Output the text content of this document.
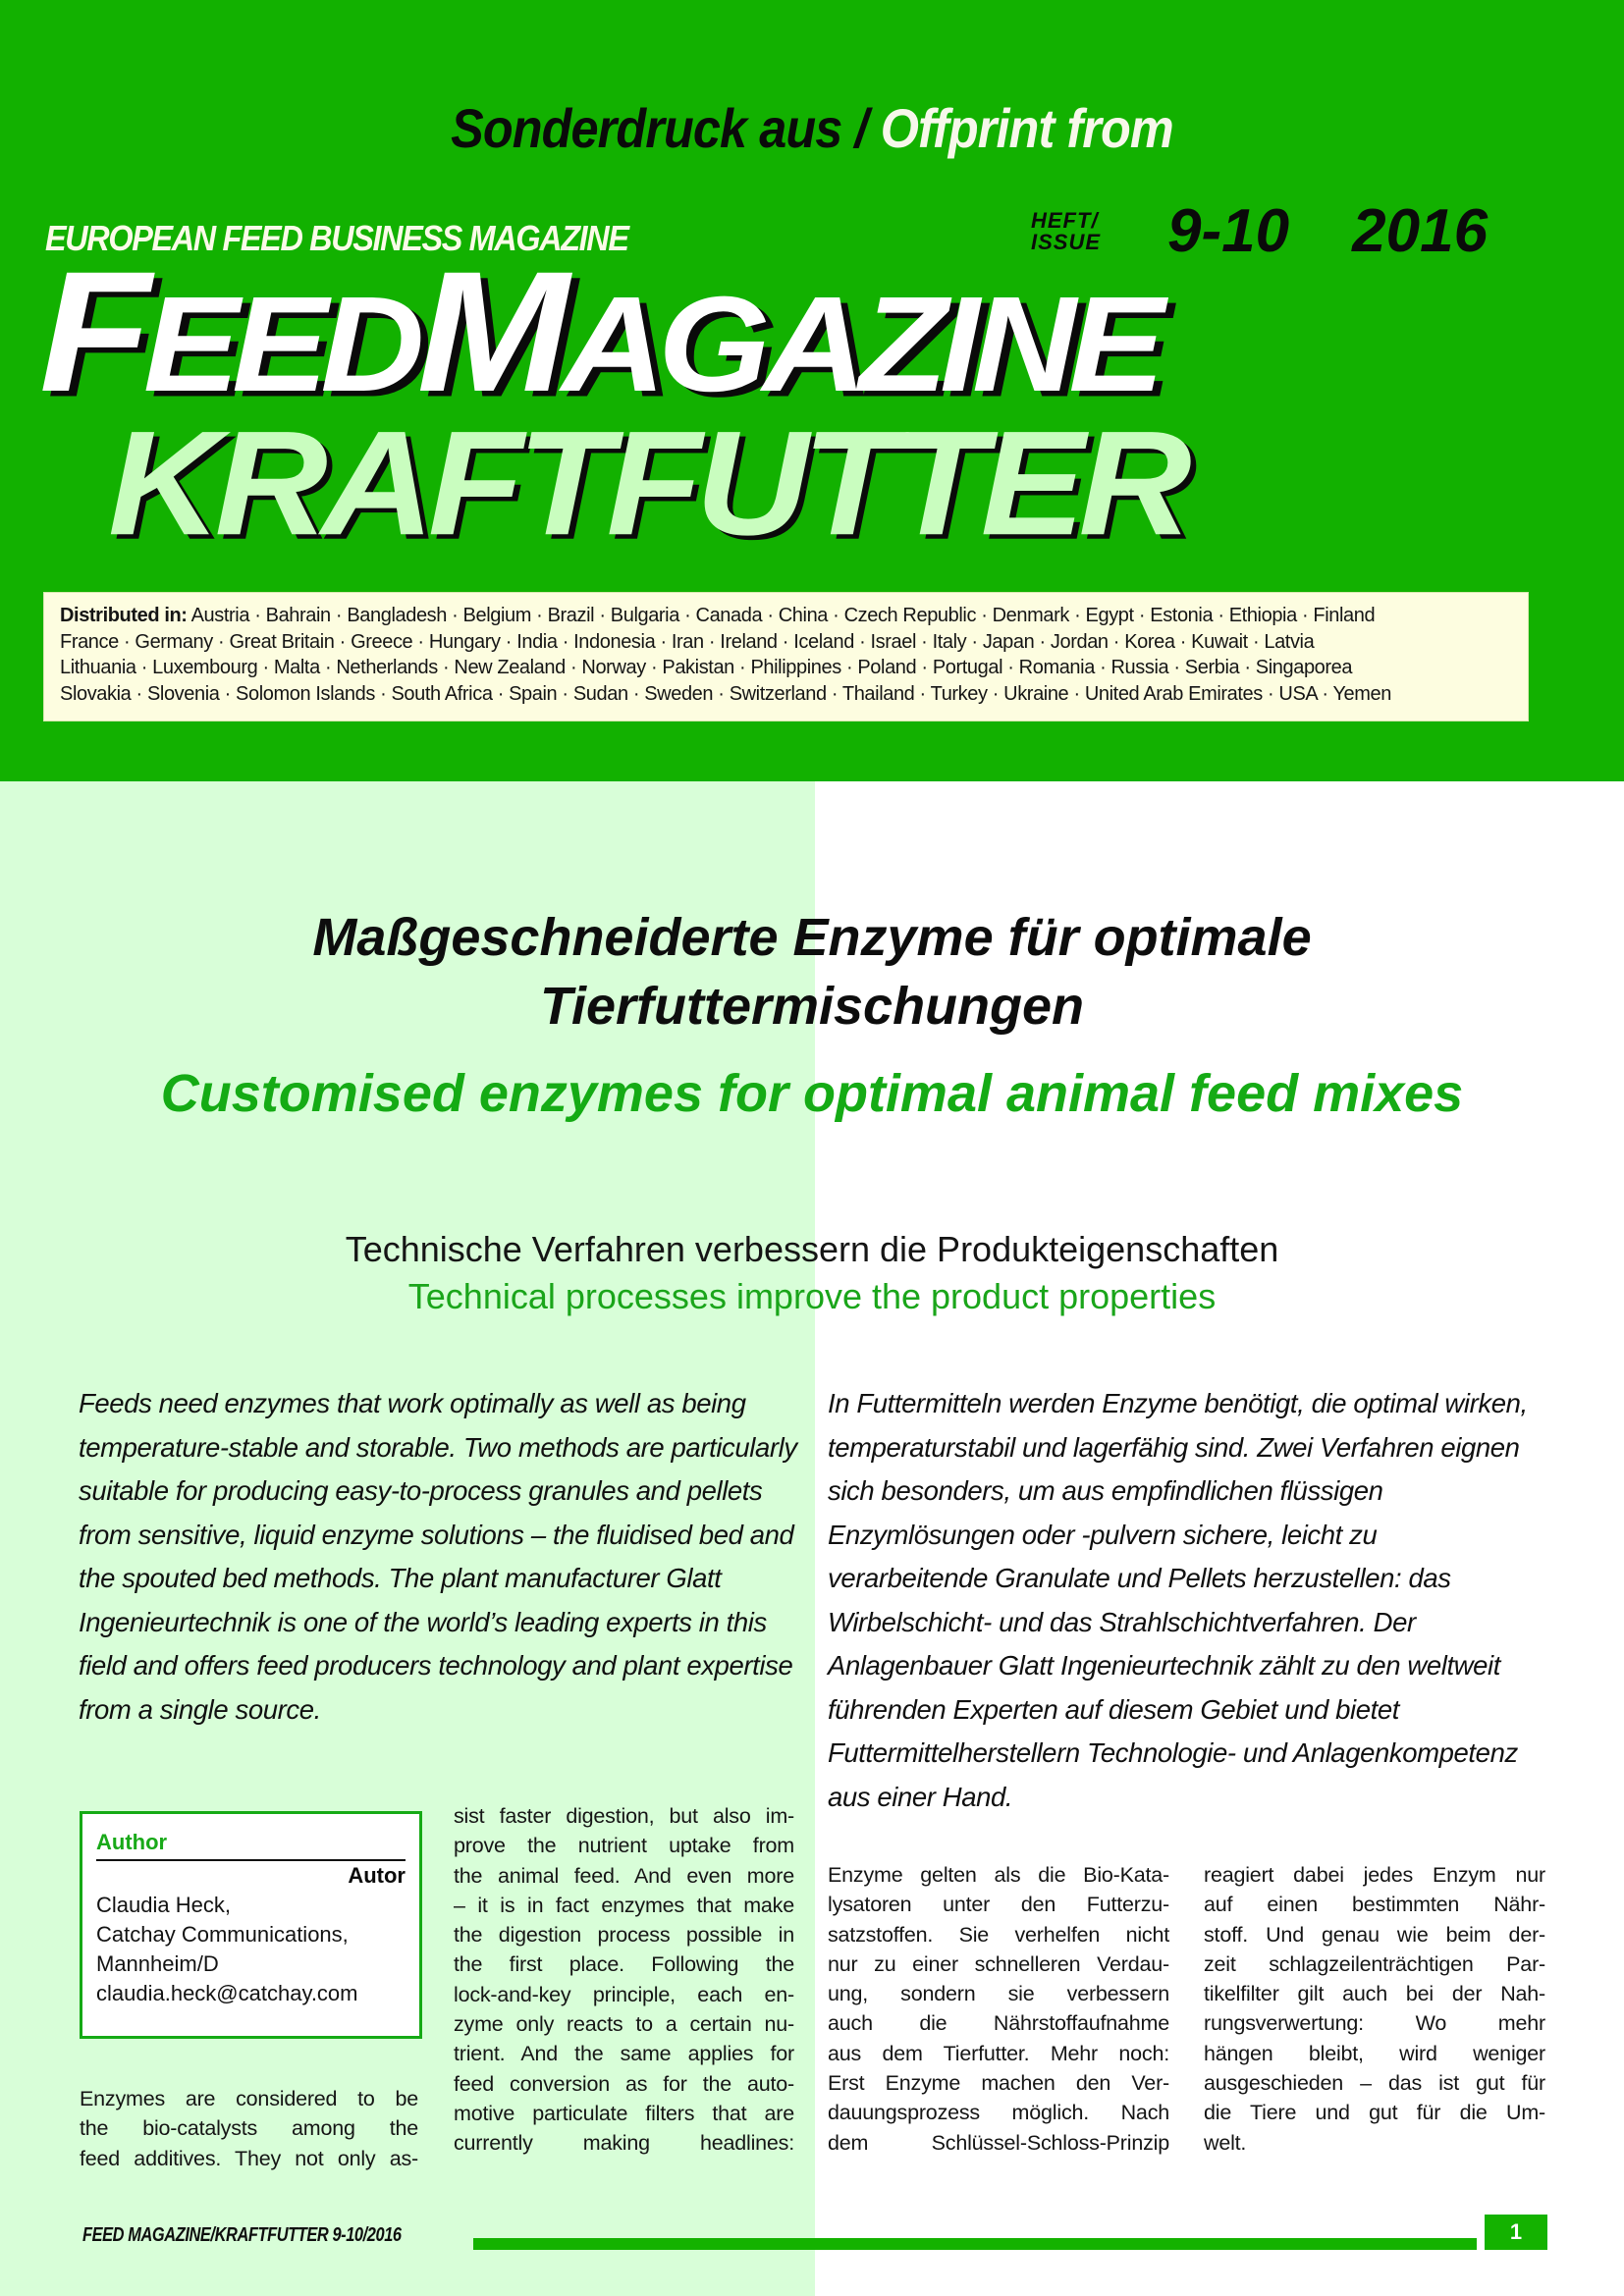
Sonderdruck aus / Offprint from
EUROPEAN FEED BUSINESS MAGAZINE	HEFT/
ISSUE 9-10 2016
FEEDMAGAZINE
KRAFTFUTTER
Distributed in: Austria · Bahrain · Bangladesh · Belgium · Brazil · Bulgaria · Canada · China · Czech Republic · Denmark · Egypt · Estonia · Ethiopia · Finland
France · Germany · Great Britain · Greece · Hungary · India · Indonesia · Iran · Ireland · Iceland · Israel · Italy · Japan · Jordan · Korea · Kuwait · Latvia
Lithuania · Luxembourg · Malta · Netherlands · New Zealand · Norway · Pakistan · Philippines · Poland · Portugal · Romania · Russia · Serbia · Singaporea
Slovakia · Slovenia · Solomon Islands · South Africa · Spain · Sudan · Sweden · Switzerland · Thailand · Turkey · Ukraine · United Arab Emirates · USA · Yemen
Maßgeschneiderte Enzyme für optimale
Tierfuttermischungen
Customised enzymes for optimal animal feed mixes
Technische Verfahren verbessern die Produkteigenschaften
Technical processes improve the product properties
Feeds need enzymes that work optimally as well as being temperature-stable and storable. Two methods are particularly suitable for producing easy-to-process granules and pellets from sensitive, liquid enzyme solutions – the fluidised bed and the spouted bed methods. The plant manufacturer Glatt Ingenieurtechnik is one of the world’s leading experts in this field and offers feed producers technology and plant expertise from a single source.
In Futtermitteln werden Enzyme benötigt, die optimal wirken, temperaturstabil und lagerfähig sind. Zwei Verfahren eignen sich besonders, um aus empfindlichen flüssigen Enzymlösungen oder -pulvern sichere, leicht zu verarbeitende Granulate und Pellets herzustellen: das Wirbelschicht- und das Strahlschichtverfahren. Der Anlagenbauer Glatt Ingenieurtechnik zählt zu den weltweit führenden Experten auf diesem Gebiet und bietet Futtermittelherstellern Technologie- und Anlagenkompetenz aus einer Hand.
Author
Autor
Claudia Heck,
Catchay Communications,
Mannheim/D
claudia.heck@catchay.com
Enzymes are considered to be
the bio-catalysts among the
feed additives. They not only as-
sist faster digestion, but also im-
prove the nutrient uptake from
the animal feed. And even more
– it is in fact enzymes that make
the digestion process possible in
the first place. Following the
lock-and-key principle, each en-
zyme only reacts to a certain nu-
trient. And the same applies for
feed conversion as for the auto-
motive particulate filters that are
currently making headlines:
Enzyme gelten als die Bio-Kata-
lysatoren unter den Futterzu-
satzstoffen. Sie verhelfen nicht
nur zu einer schnelleren Verdau-
ung, sondern sie verbessern
auch die Nährstoffaufnahme
aus dem Tierfutter. Mehr noch:
Erst Enzyme machen den Ver-
dauungsprozess möglich. Nach
dem Schlüssel-Schloss-Prinzip
reagiert dabei jedes Enzym nur
auf einen bestimmten Nähr-
stoff. Und genau wie beim der-
zeit schlagzeilenträchtigen Par-
tikelfilter gilt auch bei der Nah-
rungsverwertung: Wo mehr
hängen bleibt, wird weniger
ausgeschieden – das ist gut für
die Tiere und gut für die Um-
welt.
FEED MAGAZINE/KRAFTFUTTER 9-10/2016	1
